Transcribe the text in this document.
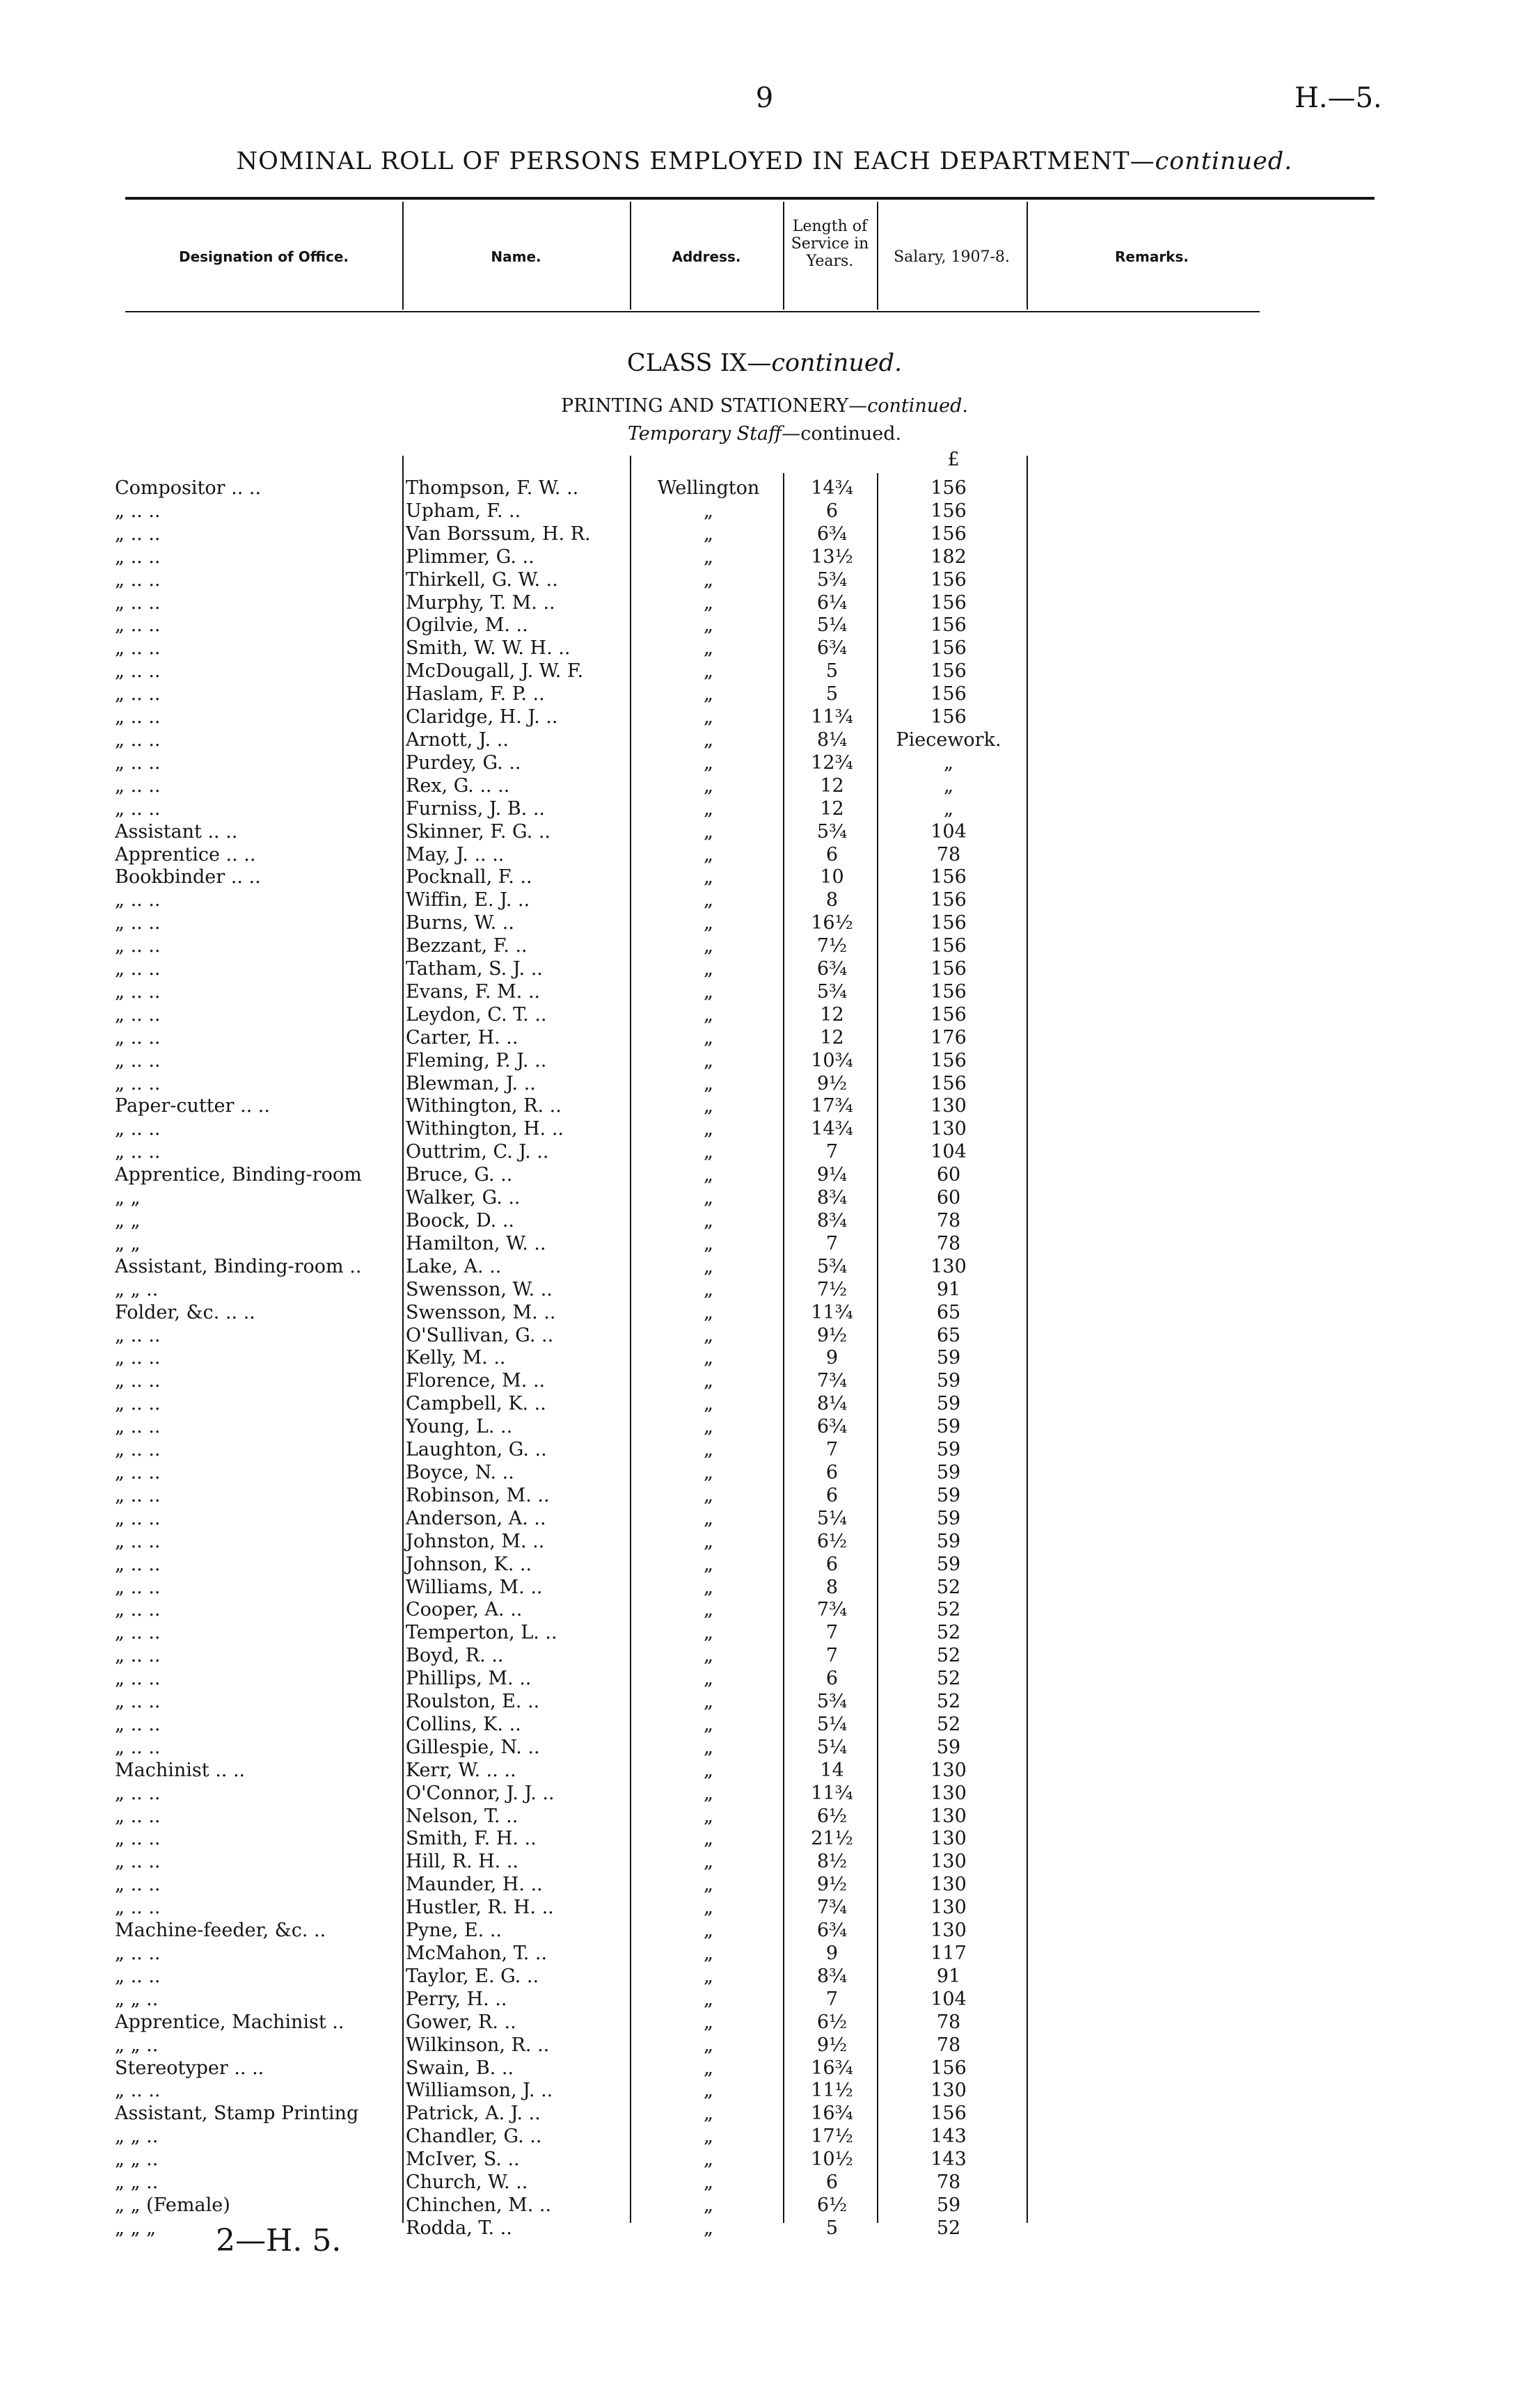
9	H.—5.
NOMINAL ROLL OF PERSONS EMPLOYED IN EACH DEPARTMENT—continued.
Designation of Office.	Name.	Address.
Length of Service in Years.	Salary, 1907-8.	Remarks.
CLASS IX—continued.
PRINTING AND STATIONERY—continued.
Temporary Staff—continued.
£
Compositor .. ..	Thompson, F. W. ..	Wellington	14¾	156
„ .. ..	Upham, F. ..	„	6	156
„ .. ..	Van Borssum, H. R.	„	6¾	156
„ .. ..	Plimmer, G. ..	„	13½	182
„ .. ..	Thirkell, G. W. ..	„	5¾	156
„ .. ..	Murphy, T. M. ..	„	6¼	156
„ .. ..	Ogilvie, M. ..	„	5¼	156
„ .. ..	Smith, W. W. H. ..	„	6¾	156
„ .. ..	McDougall, J. W. F.	„	5	156
„ .. ..	Haslam, F. P. ..	„	5	156
„ .. ..	Claridge, H. J. ..	„	11¾	156
„ .. ..	Arnott, J. ..	„	8¼	Piecework.
„ .. ..	Purdey, G. ..	„	12¾	„
„ .. ..	Rex, G. .. ..	„	12	„
„ .. ..	Furniss, J. B. ..	„	12	„
Assistant .. ..	Skinner, F. G. ..	„	5¾	104
Apprentice .. ..	May, J. .. ..	„	6	78
Bookbinder .. ..	Pocknall, F. ..	„	10	156
„ .. ..	Wiffin, E. J. ..	„	8	156
„ .. ..	Burns, W. ..	„	16½	156
„ .. ..	Bezzant, F. ..	„	7½	156
„ .. ..	Tatham, S. J. ..	„	6¾	156
„ .. ..	Evans, F. M. ..	„	5¾	156
„ .. ..	Leydon, C. T. ..	„	12	156
„ .. ..	Carter, H. ..	„	12	176
„ .. ..	Fleming, P. J. ..	„	10¾	156
„ .. ..	Blewman, J. ..	„	9½	156
Paper-cutter .. ..	Withington, R. ..	„	17¾	130
„ .. ..	Withington, H. ..	„	14¾	130
„ .. ..	Outtrim, C. J. ..	„	7	104
Apprentice, Binding-room	Bruce, G. ..	„	9¼	60
„ „	Walker, G. ..	„	8¾	60
„ „	Boock, D. ..	„	8¾	78
„ „	Hamilton, W. ..	„	7	78
Assistant, Binding-room ..	Lake, A. ..	„	5¾	130
„ „ ..	Swensson, W. ..	„	7½	91
Folder, &c. .. ..	Swensson, M. ..	„	11¾	65
„ .. ..	O'Sullivan, G. ..	„	9½	65
„ .. ..	Kelly, M. ..	„	9	59
„ .. ..	Florence, M. ..	„	7¾	59
„ .. ..	Campbell, K. ..	„	8¼	59
„ .. ..	Young, L. ..	„	6¾	59
„ .. ..	Laughton, G. ..	„	7	59
„ .. ..	Boyce, N. ..	„	6	59
„ .. ..	Robinson, M. ..	„	6	59
„ .. ..	Anderson, A. ..	„	5¼	59
„ .. ..	Johnston, M. ..	„	6½	59
„ .. ..	Johnson, K. ..	„	6	59
„ .. ..	Williams, M. ..	„	8	52
„ .. ..	Cooper, A. ..	„	7¾	52
„ .. ..	Temperton, L. ..	„	7	52
„ .. ..	Boyd, R. ..	„	7	52
„ .. ..	Phillips, M. ..	„	6	52
„ .. ..	Roulston, E. ..	„	5¾	52
„ .. ..	Collins, K. ..	„	5¼	52
„ .. ..	Gillespie, N. ..	„	5¼	59
Machinist .. ..	Kerr, W. .. ..	„	14	130
„ .. ..	O'Connor, J. J. ..	„	11¾	130
„ .. ..	Nelson, T. ..	„	6½	130
„ .. ..	Smith, F. H. ..	„	21½	130
„ .. ..	Hill, R. H. ..	„	8½	130
„ .. ..	Maunder, H. ..	„	9½	130
„ .. ..	Hustler, R. H. ..	„	7¾	130
Machine-feeder, &c. ..	Pyne, E. ..	„	6¾	130
„ .. ..	McMahon, T. ..	„	9	117
„ .. ..	Taylor, E. G. ..	„	8¾	91
„ „ ..	Perry, H. ..	„	7	104
Apprentice, Machinist ..	Gower, R. ..	„	6½	78
„ „ ..	Wilkinson, R. ..	„	9½	78
Stereotyper .. ..	Swain, B. ..	„	16¾	156
„ .. ..	Williamson, J. ..	„	11½	130
Assistant, Stamp Printing	Patrick, A. J. ..	„	16¾	156
„ „ ..	Chandler, G. ..	„	17½	143
„ „ ..	McIver, S. ..	„	10½	143
„ „ ..	Church, W. ..	„	6	78
„ „ (Female)	Chinchen, M. ..	„	6½	59
„ „ „	Rodda, T. ..	„	5	52
2—H. 5.
